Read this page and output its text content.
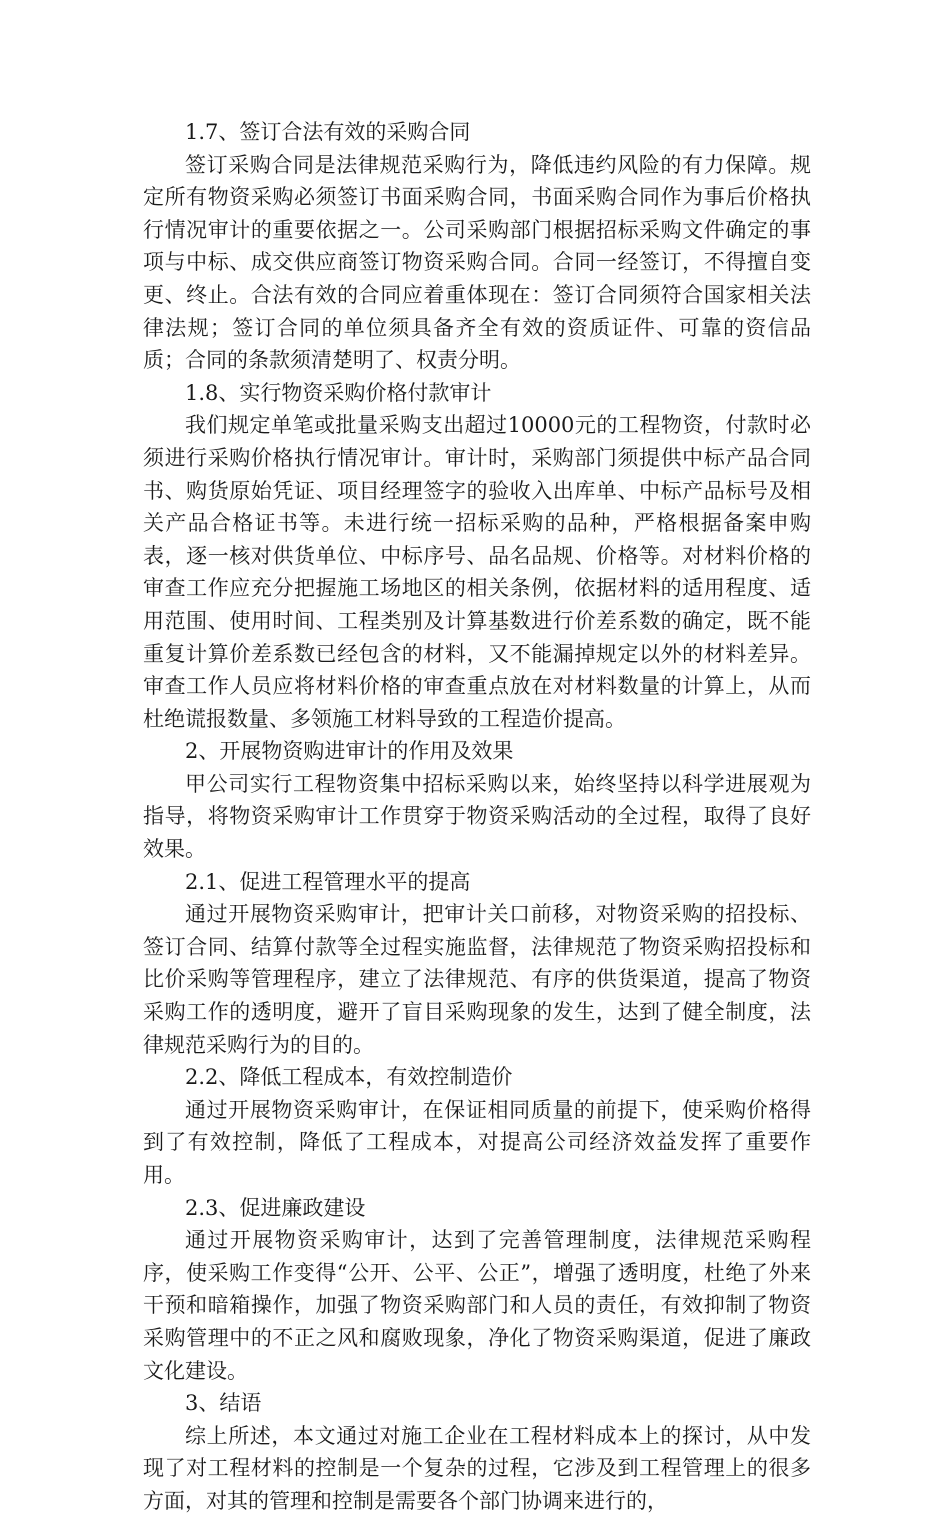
1.7、签订合法有效的采购合同

签订采购合同是法律规范采购行为，降低违约风险的有力保障。规定所有物资采购必须签订书面采购合同，书面采购合同作为事后价格执行情况审计的重要依据之一。公司采购部门根据招标采购文件确定的事项与中标、成交供应商签订物资采购合同。合同一经签订，不得擅自变更、终止。合法有效的合同应着重体现在：签订合同须符合国家相关法律法规；签订合同的单位须具备齐全有效的资质证件、可靠的资信品质；合同的条款须清楚明了、权责分明。

1.8、实行物资采购价格付款审计

我们规定单笔或批量采购支出超过10000元的工程物资，付款时必须进行采购价格执行情况审计。审计时，采购部门须提供中标产品合同书、购货原始凭证、项目经理签字的验收入出库单、中标产品标号及相关产品合格证书等。未进行统一招标采购的品种，严格根据备案申购表，逐一核对供货单位、中标序号、品名品规、价格等。对材料价格的审查工作应充分把握施工场地区的相关条例，依据材料的适用程度、适用范围、使用时间、工程类别及计算基数进行价差系数的确定，既不能重复计算价差系数已经包含的材料，又不能漏掉规定以外的材料差异。审查工作人员应将材料价格的审查重点放在对材料数量的计算上，从而杜绝谎报数量、多领施工材料导致的工程造价提高。

2、开展物资购进审计的作用及效果

甲公司实行工程物资集中招标采购以来，始终坚持以科学进展观为指导，将物资采购审计工作贯穿于物资采购活动的全过程，取得了良好效果。

2.1、促进工程管理水平的提高

通过开展物资采购审计，把审计关口前移，对物资采购的招投标、签订合同、结算付款等全过程实施监督，法律规范了物资采购招投标和比价采购等管理程序，建立了法律规范、有序的供货渠道，提高了物资采购工作的透明度，避开了盲目采购现象的发生，达到了健全制度，法律规范采购行为的目的。

2.2、降低工程成本，有效控制造价

通过开展物资采购审计，在保证相同质量的前提下，使采购价格得到了有效控制，降低了工程成本，对提高公司经济效益发挥了重要作用。

2.3、促进廉政建设

通过开展物资采购审计，达到了完善管理制度，法律规范采购程序，使采购工作变得“公开、公平、公正”，增强了透明度，杜绝了外来干预和暗箱操作，加强了物资采购部门和人员的责任，有效抑制了物资采购管理中的不正之风和腐败现象，净化了物资采购渠道，促进了廉政文化建设。

3、结语

综上所述，本文通过对施工企业在工程材料成本上的探讨，从中发现了对工程材料的控制是一个复杂的过程，它涉及到工程管理上的很多方面，对其的管理和控制是需要各个部门协调来进行的，
